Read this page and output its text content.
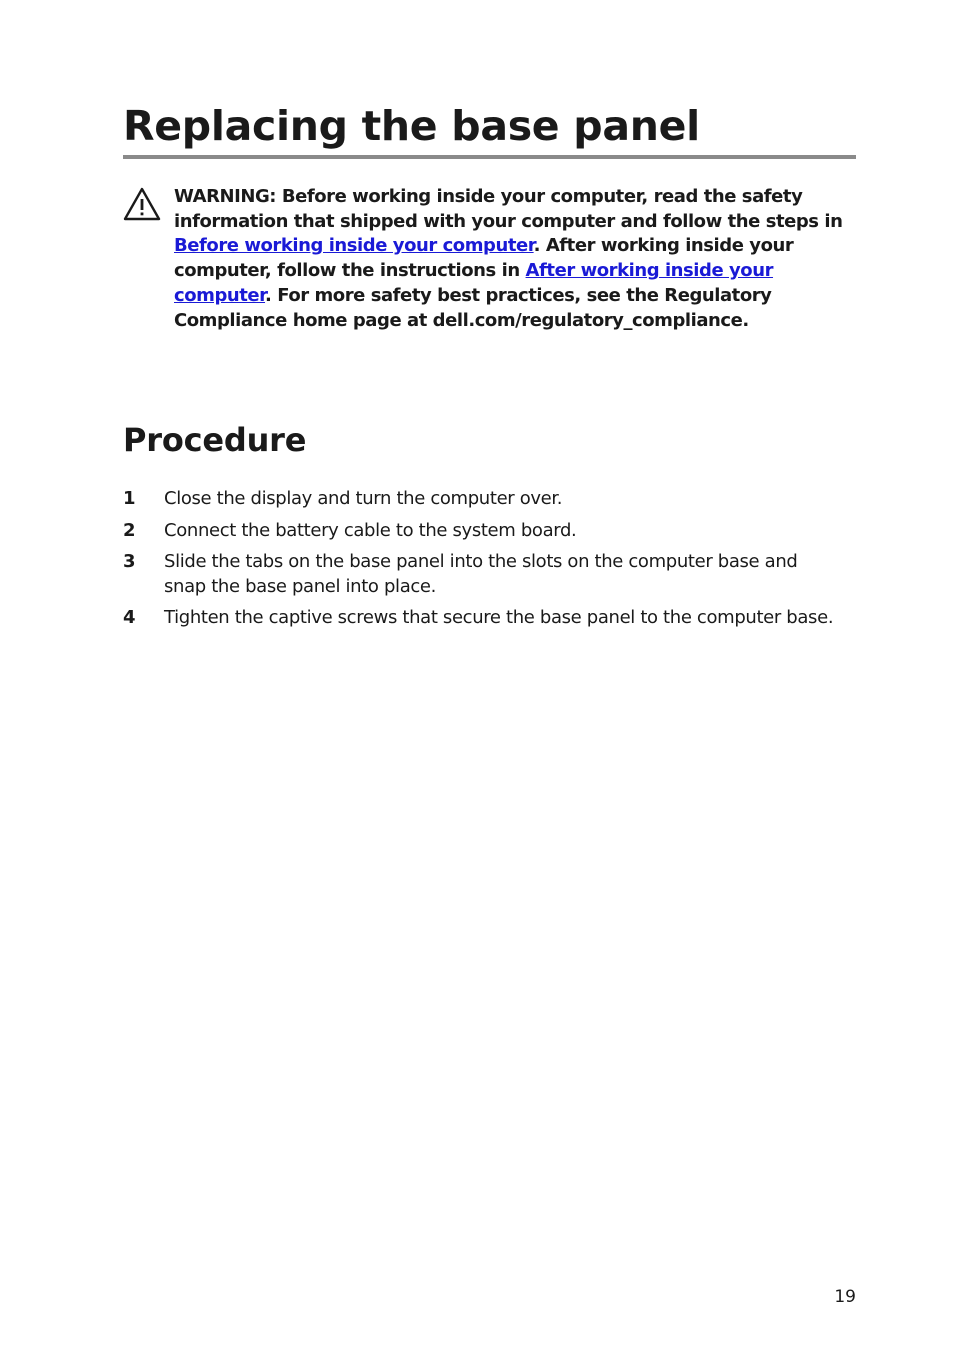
Replacing the base panel

WARNING: Before working inside your computer, read the safety information that shipped with your computer and follow the steps in Before working inside your computer. After working inside your computer, follow the instructions in After working inside your computer. For more safety best practices, see the Regulatory Compliance home page at dell.com/regulatory_compliance.

Procedure
1 Close the display and turn the computer over.
2 Connect the battery cable to the system board.
3 Slide the tabs on the base panel into the slots on the computer base and snap the base panel into place.
4 Tighten the captive screws that secure the base panel to the computer base.
19
